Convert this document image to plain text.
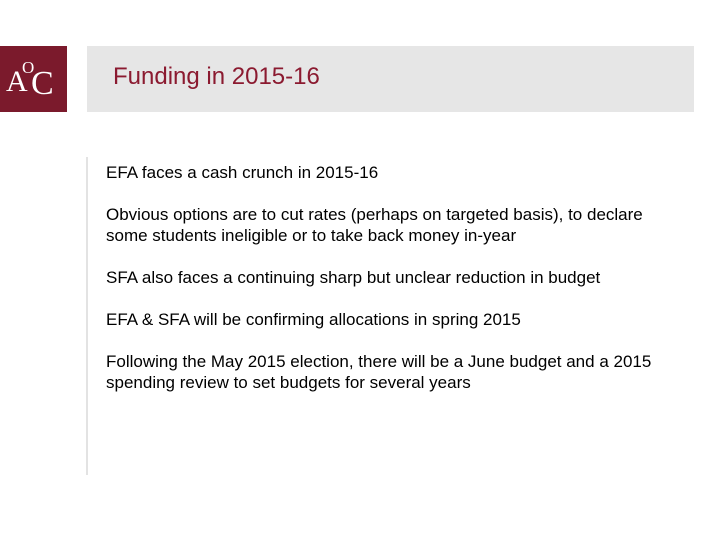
A
O
C Funding in 2015-16
EFA faces a cash crunch in 2015-16
Obvious options are to cut rates (perhaps on targeted basis), to declare some students ineligible or to take back money in-year
SFA also faces a continuing sharp but unclear reduction in budget
EFA & SFA will be confirming allocations in spring 2015
Following the May 2015 election, there will be a June budget and a 2015 spending review to set budgets for several years
